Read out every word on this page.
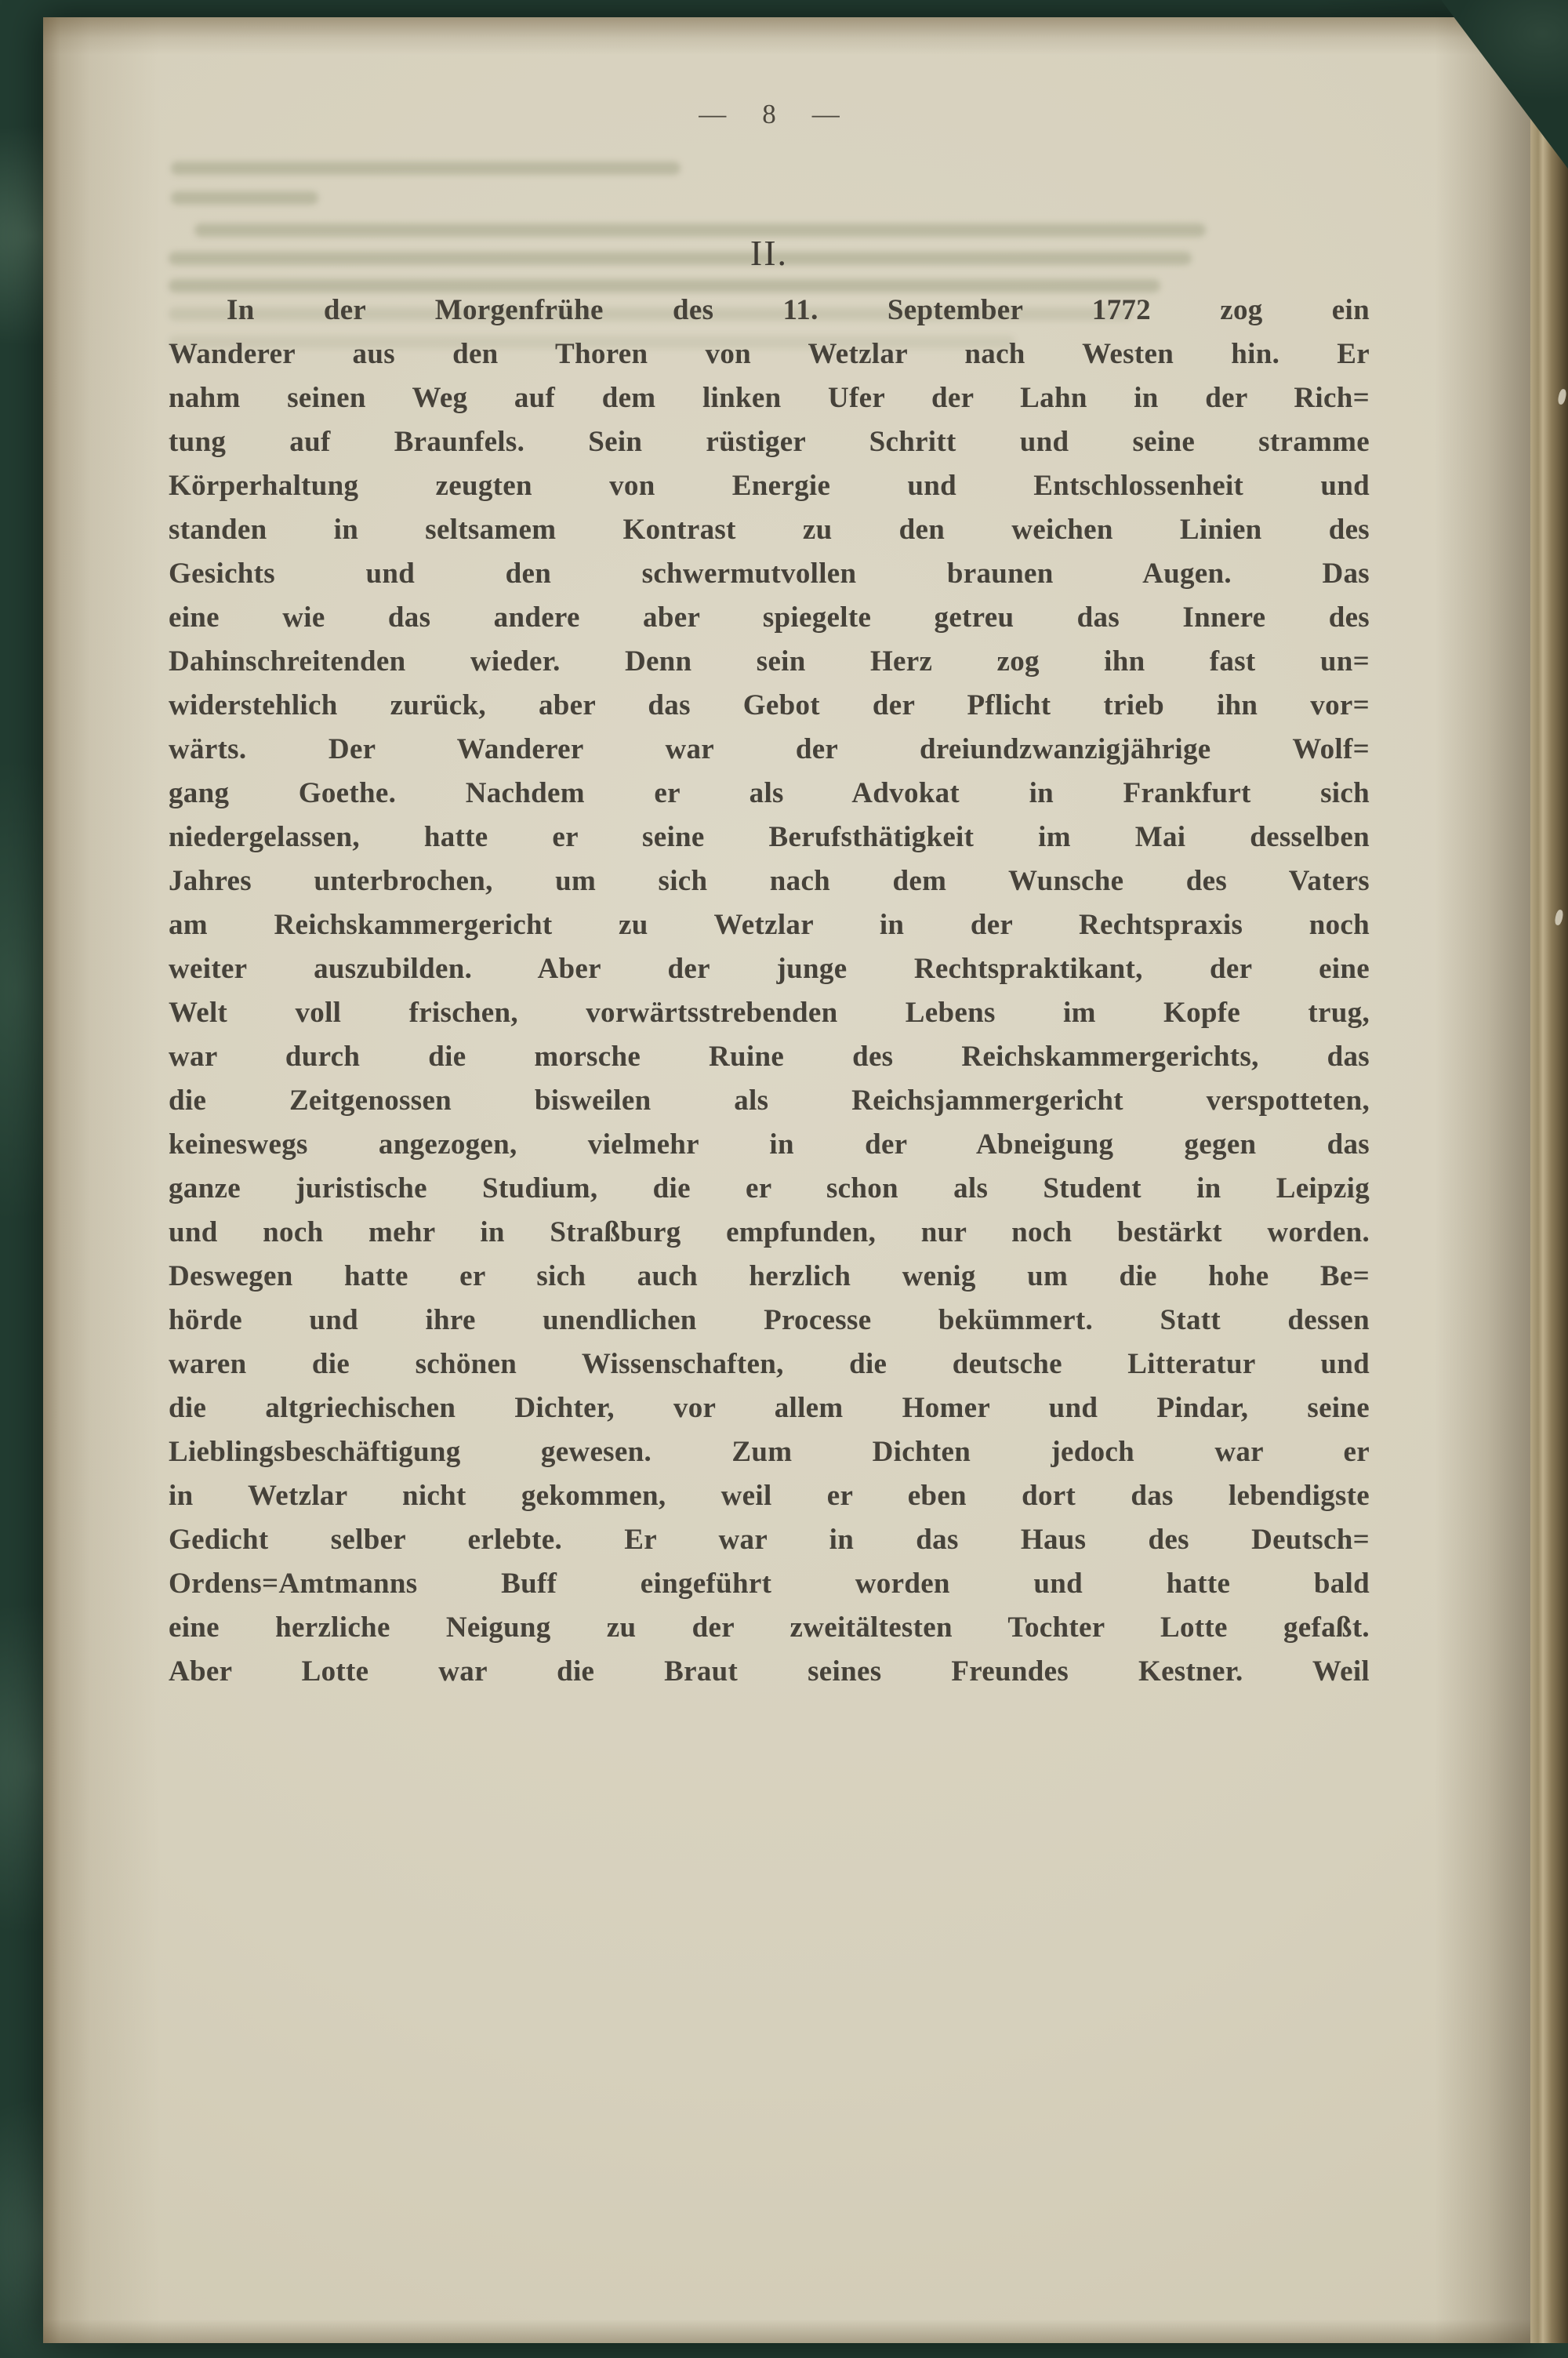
— 8 —
II.
In der Morgenfrühe des 11. September 1772 zog ein
Wanderer aus den Thoren von Wetzlar nach Westen hin. Er
nahm seinen Weg auf dem linken Ufer der Lahn in der Rich=
tung auf Braunfels. Sein rüstiger Schritt und seine stramme
Körperhaltung zeugten von Energie und Entschlossenheit und
standen in seltsamem Kontrast zu den weichen Linien des
Gesichts und den schwermutvollen braunen Augen. Das
eine wie das andere aber spiegelte getreu das Innere des
Dahinschreitenden wieder. Denn sein Herz zog ihn fast un=
widerstehlich zurück, aber das Gebot der Pflicht trieb ihn vor=
wärts. Der Wanderer war der dreiundzwanzigjährige Wolf=
gang Goethe. Nachdem er als Advokat in Frankfurt sich
niedergelassen, hatte er seine Berufsthätigkeit im Mai desselben
Jahres unterbrochen, um sich nach dem Wunsche des Vaters
am Reichskammergericht zu Wetzlar in der Rechtspraxis noch
weiter auszubilden. Aber der junge Rechtspraktikant, der eine
Welt voll frischen, vorwärtsstrebenden Lebens im Kopfe trug,
war durch die morsche Ruine des Reichskammergerichts, das
die Zeitgenossen bisweilen als Reichsjammergericht verspotteten,
keineswegs angezogen, vielmehr in der Abneigung gegen das
ganze juristische Studium, die er schon als Student in Leipzig
und noch mehr in Straßburg empfunden, nur noch bestärkt worden.
Deswegen hatte er sich auch herzlich wenig um die hohe Be=
hörde und ihre unendlichen Processe bekümmert. Statt dessen
waren die schönen Wissenschaften, die deutsche Litteratur und
die altgriechischen Dichter, vor allem Homer und Pindar, seine
Lieblingsbeschäftigung gewesen. Zum Dichten jedoch war er
in Wetzlar nicht gekommen, weil er eben dort das lebendigste
Gedicht selber erlebte. Er war in das Haus des Deutsch=
Ordens=Amtmanns Buff eingeführt worden und hatte bald
eine herzliche Neigung zu der zweitältesten Tochter Lotte gefaßt.
Aber Lotte war die Braut seines Freundes Kestner. Weil
